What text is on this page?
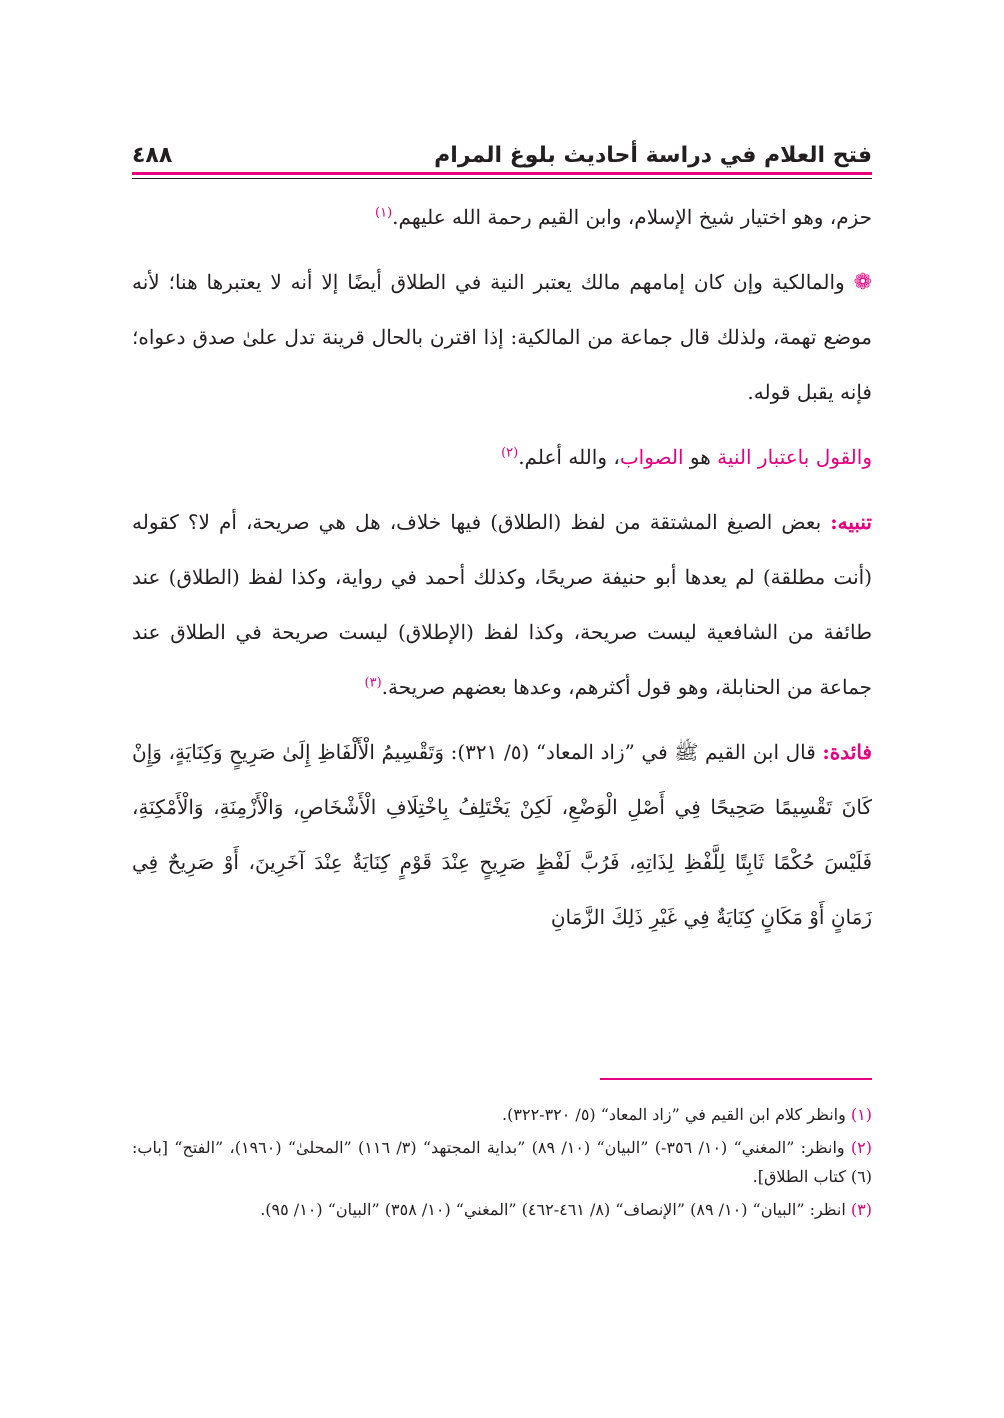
فتح العلام في دراسة أحاديث بلوغ المرام
٤٨٨

حزم، وهو اختيار شيخ الإسلام، وابن القيم رحمة الله عليهم.$^{(١)}$

❁ والمالكية وإن كان إمامهم مالك يعتبر النية في الطلاق أيضًا إلا أنه لا يعتبرها هنا؛ لأنه موضع تهمة، ولذلك قال جماعة من المالكية: إذا اقترن بالحال قرينة تدل علىٰ صدق دعواه؛ فإنه يقبل قوله.

والقول باعتبار النية هو الصواب، والله أعلم.$^{(٢)}$

تنبيه: بعض الصيغ المشتقة من لفظ (الطلاق) فيها خلاف، هل هي صريحة، أم لا؟ كقوله (أنت مطلقة) لم يعدها أبو حنيفة صريحًا، وكذلك أحمد في رواية، وكذا لفظ (الطلاق) عند طائفة من الشافعية ليست صريحة، وكذا لفظ (الإطلاق) ليست صريحة في الطلاق عند جماعة من الحنابلة، وهو قول أكثرهم، وعدها بعضهم صريحة.$^{(٣)}$

فائدة: قال ابن القيم ﷺ في ”زاد المعاد“ (٥/ ٣٢١): وَتَقْسِيمُ الْأَلْفَاظِ إِلَىٰ صَرِيحٍ وَكِنَايَةٍ، وَإِنْ كَانَ تَقْسِيمًا صَحِيحًا فِي أَصْلِ الْوَضْعِ، لَكِنْ يَخْتَلِفُ بِاخْتِلَافِ الْأَشْخَاصِ، وَالْأَزْمِنَةِ، وَالْأَمْكِنَةِ، فَلَيْسَ حُكْمًا ثَابِتًا لِلَّفْظِ لِذَاتِهِ، فَرُبَّ لَفْظٍ صَرِيحٍ عِنْدَ قَوْمٍ كِنَايَةٌ عِنْدَ آخَرِينَ، أَوْ صَرِيحٌ فِي زَمَانٍ أَوْ مَكَانٍ كِنَايَةٌ فِي غَيْرِ ذَلِكَ الزَّمَانِ

(١) وانظر كلام ابن القيم في ”زاد المعاد“ (٥/ ٣٢٠-٣٢٢).

(٢) وانظر: ”المغني“ (١٠/ ٣٥٦-) ”البيان“ (١٠/ ٨٩) ”بداية المجتهد“ (٣/ ١١٦) ”المحلىٰ“ (١٩٦٠)، ”الفتح“ [باب: (٦) كتاب الطلاق].

(٣) انظر: ”البيان“ (١٠/ ٨٩) ”الإنصاف“ (٨/ ٤٦١-٤٦٢) ”المغني“ (١٠/ ٣٥٨) ”البيان“ (١٠/ ٩٥).
